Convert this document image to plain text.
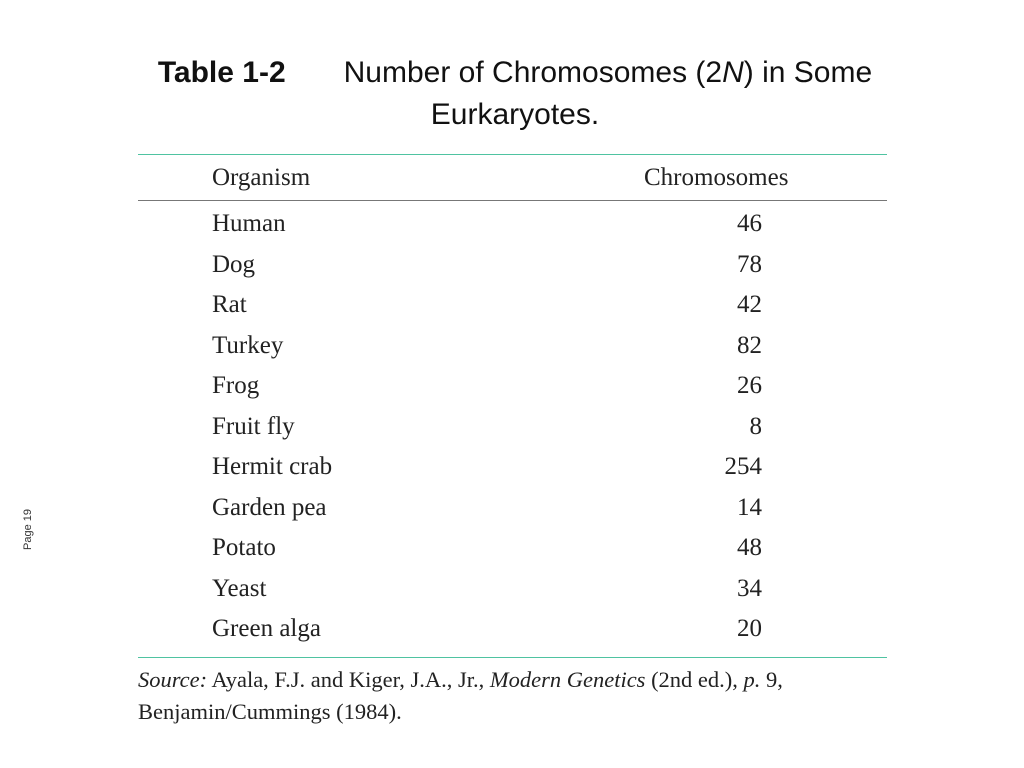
Table 1-2 Number of Chromosomes (2N) in Some
Eurkaryotes.
Page19
Organism	Chromosomes
Human	46
Dog	78
Rat	42
Turkey	82
Frog	26
Fruit fly	8
Hermit crab	254
Garden pea	14
Potato	48
Yeast	34
Green alga	20
Source: Ayala, F.J. and Kiger, J.A., Jr., Modern Genetics (2nd ed.), p. 9, Benjamin/Cummings (1984).
